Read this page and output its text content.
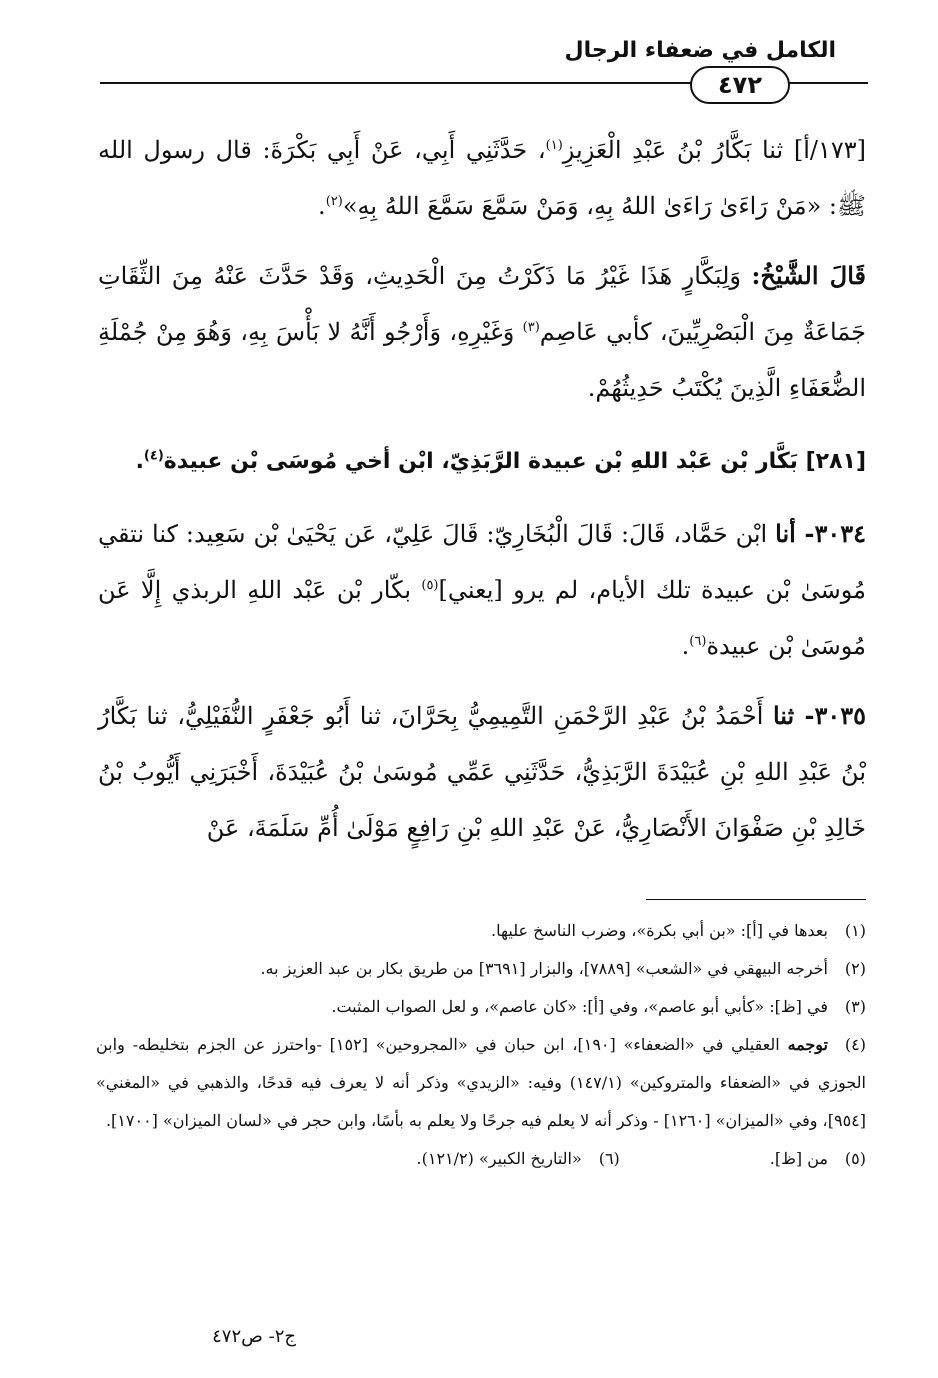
الكامل في ضعفاء الرجال
٤٧٢

[١٧٣/أ] ثنا بَكَّارُ بْنُ عَبْدِ الْعَزِيزِ$^{(١)}$، حَدَّثَنِي أَبِي، عَنْ أَبِي بَكْرَةَ: قال رسول الله ﷺ: «مَنْ رَاءَىٰ رَاءَىٰ اللهُ بِهِ، وَمَنْ سَمَّعَ سَمَّعَ اللهُ بِهِ»$^{(٢)}$.

قَالَ الشَّيْخُ: وَلِبَكَّارٍ هَذَا غَيْرُ مَا ذَكَرْتُ مِنَ الْحَدِيثِ، وَقَدْ حَدَّثَ عَنْهُ مِنَ الثِّقَاتِ جَمَاعَةٌ مِنَ الْبَصْرِيِّينَ، كأبي عَاصِم$^{(٣)}$ وَغَيْرِهِ، وَأَرْجُو أَنَّهُ لا بَأْسَ بِهِ، وَهُوَ مِنْ جُمْلَةِ الضُّعَفَاءِ الَّذِينَ يُكْتَبُ حَدِيثُهُمْ.

[٢٨١] بَكَّار بْن عَبْد اللهِ بْن عبيدة الرَّبَذِيّ، ابْن أخي مُوسَى بْن عبيدة$^{(٤)}$.

٣٠٣٤- أنا ابْن حَمَّاد، قَالَ: قَالَ الْبُخَارِيّ: قَالَ عَلِيّ، عَن يَحْيَىٰ بْن سَعِيد: كنا نتقي مُوسَىٰ بْن عبيدة تلك الأيام، لم يرو [يعني]$^{(٥)}$ بكّار بْن عَبْد اللهِ الربذي إِلَّا عَن مُوسَىٰ بْن عبيدة$^{(٦)}$.

٣٠٣٥- ثنا أَحْمَدُ بْنُ عَبْدِ الرَّحْمَنِ التَّمِيمِيُّ بِحَرَّانَ، ثنا أَبُو جَعْفَرٍ النُّفَيْلِيُّ، ثنا بَكَّارُ بْنُ عَبْدِ اللهِ بْنِ عُبَيْدَةَ الرَّبَذِيُّ، حَدَّثَنِي عَمِّي مُوسَىٰ بْنُ عُبَيْدَةَ، أَخْبَرَنِي أَيُّوبُ بْنُ خَالِدِ بْنِ صَفْوَانَ الأَنْصَارِيُّ، عَنْ عَبْدِ اللهِ بْنِ رَافِعٍ مَوْلَىٰ أُمِّ سَلَمَةَ، عَنْ

(١)بعدها في [أ]: «بن أبي بكرة»، وضرب الناسخ عليها.

(٢)أخرجه البيهقي في «الشعب» [٧٨٨٩]، والبزار [٣٦٩١] من طريق بكار بن عبد العزيز به.

(٣)في [ظ]: «كأبي أبو عاصم»، وفي [أ]: «كان عاصم»، و لعل الصواب المثبت.

(٤)توجمه العقيلي في «الضعفاء» [١٩٠]، ابن حبان في «المجروحين» [١٥٢] -واحترز عن الجزم بتخليطه- وابن الجوزي في «الضعفاء والمتروكين» (١٤٧/١) وفيه: «الزيدي» وذكر أنه لا يعرف فيه قدحًا، والذهبي في «المغني» [٩٥٤]، وفي «الميزان» [١٢٦٠] - وذكر أنه لا يعلم فيه جرحًا ولا يعلم به بأسًا، وابن حجر في «لسان الميزان» [١٧٠٠].

(٥)من [ظ].
(٦)«التاريخ الكبير» (١٢١/٢).
ج٢- ص٤٧٢
